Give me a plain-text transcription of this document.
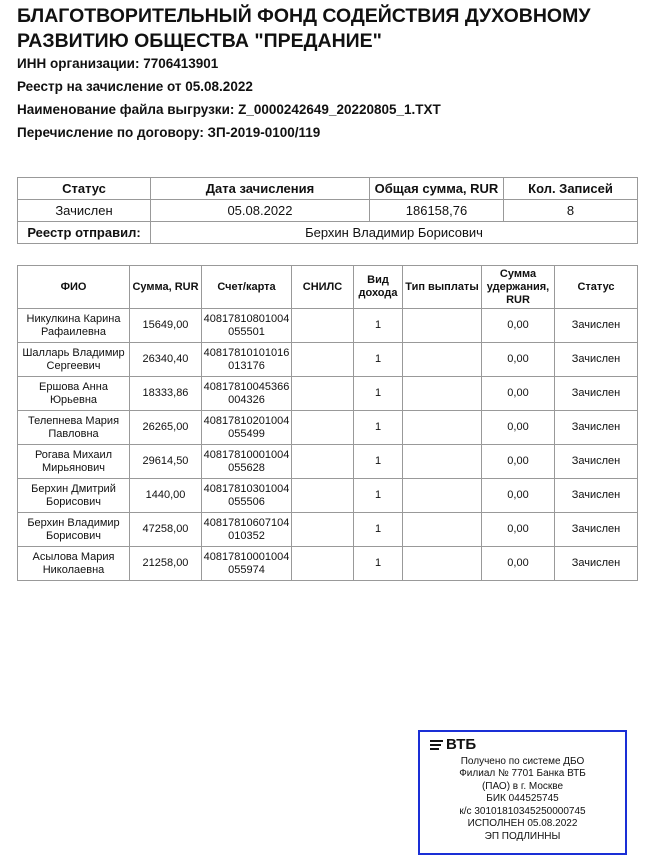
БЛАГОТВОРИТЕЛЬНЫЙ ФОНД СОДЕЙСТВИЯ ДУХОВНОМУ РАЗВИТИЮ ОБЩЕСТВА "ПРЕДАНИЕ"
ИНН организации: 7706413901
Реестр на зачисление от 05.08.2022
Наименование файла выгрузки: Z_0000242649_20220805_1.TXT
Перечисление по договору: ЗП-2019-0100/119
Статус	Дата зачисления	Общая сумма, RUR	Кол. Записей
Зачислен	05.08.2022	186158,76	8
Реестр отправил:	Берхин Владимир Борисович		
ФИО	Сумма, RUR	Счет/карта	СНИЛС	Вид дохода	Тип выплаты	Сумма удержания, RUR	Статус
Никулкина Карина Рафаилевна	15649,00	40817810801004055501		1		0,00	Зачислен
Шалларь Владимир Сергеевич	26340,40	40817810101016013176		1		0,00	Зачислен
Ершова Анна Юрьевна	18333,86	40817810045366004326		1		0,00	Зачислен
Телепнева Мария Павловна	26265,00	40817810201004055499		1		0,00	Зачислен
Рогава Михаил Мирьянович	29614,50	40817810001004055628		1		0,00	Зачислен
Берхин Дмитрий Борисович	1440,00	40817810301004055506		1		0,00	Зачислен
Берхин Владимир Борисович	47258,00	40817810607104010352		1		0,00	Зачислен
Асылова Мария Николаевна	21258,00	40817810001004055974		1		0,00	Зачислен
ВТБ
Получено по системе ДБО
Филиал № 7701 Банка ВТБ
(ПАО) в г. Москве
БИК 044525745
к/с 30101810345250000745
ИСПОЛНЕН 05.08.2022
ЭП ПОДЛИННЫ
